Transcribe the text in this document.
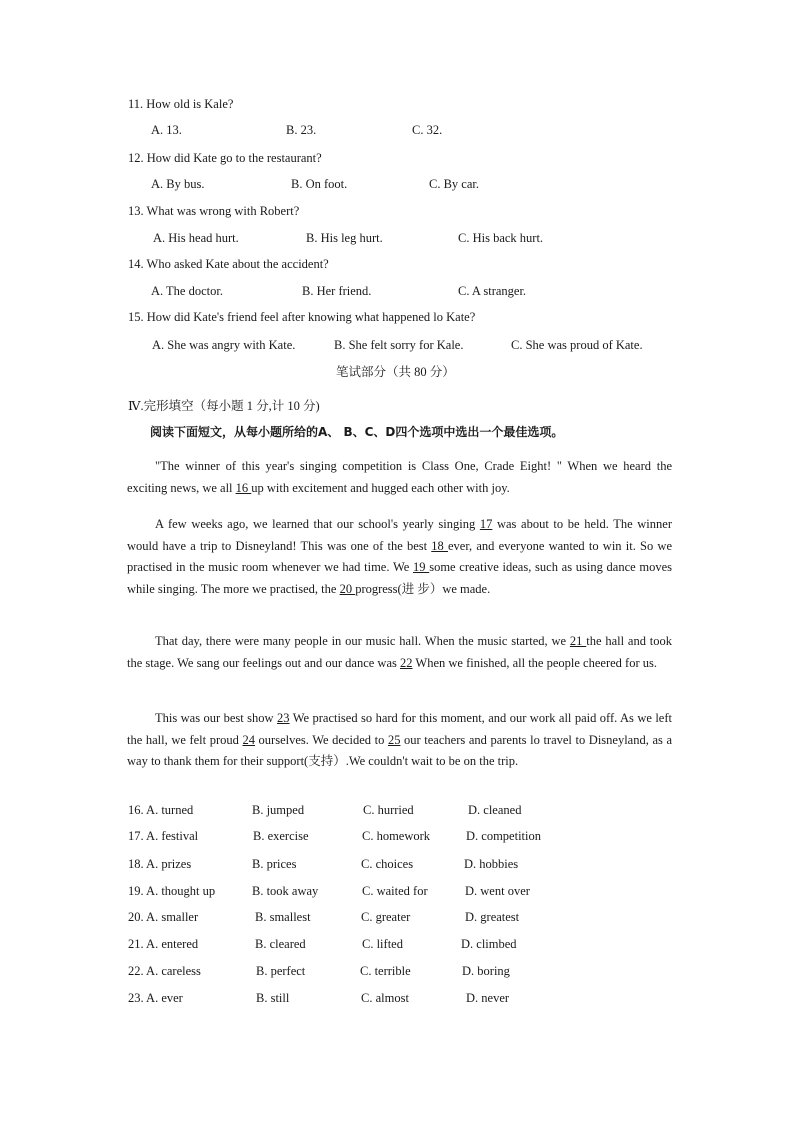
11. How old is Kale?
A. 13.	B. 23.	C. 32.
12. How did Kate go to the restaurant?
A. By bus.	B. On foot.	C. By car.
13. What was wrong with Robert?
A. His head hurt.	B. His leg hurt.	C. His back hurt.
14. Who asked Kate about the accident?
A. The doctor.	B. Her friend.	C. A stranger.
15. How did Kate's friend feel after knowing what happened lo Kate?
A. She was angry with Kate.	B. She felt sorry for Kale.	C. She was proud of Kate.
笔试部分（共 80 分）
Ⅳ.完形填空（每小题 1 分,计 10 分)
阅读下面短文，从每小题所给的A、 B、C、D四个选项中选出一个最佳选项。
"The winner of this year's singing competition is Class One, Crade Eight! " When we heard the exciting news, we all 16 up with excitement and hugged each other with joy.
A few weeks ago, we learned that our school's yearly singing 17 was about to be held. The winner would have a trip to Disneyland! This was one of the best 18 ever, and everyone wanted to win it. So we practised in the music room whenever we had time. We 19 some creative ideas, such as using dance moves while singing. The more we practised, the 20 progress(进 步）we made.
That day, there were many people in our music hall. When the music started, we 21 the hall and took the stage. We sang our feelings out and our dance was 22 When we finished, all the people cheered for us.
This was our best show 23 We practised so hard for this moment, and our work all paid off. As we left the hall, we felt proud 24 ourselves. We decided to 25 our teachers and parents lo travel to Disneyland, as a way to thank them for their support(支持）.We couldn't wait to be on the trip.
16. A. turned	B. jumped	C. hurried	D. cleaned
17. A. festival	B. exercise	C. homework	D. competition
18. A. prizes	B. prices	C. choices	D. hobbies
19. A. thought up	B. took away	C. waited for	D. went over
20. A. smaller	B. smallest	C. greater	D. greatest
21. A. entered	B. cleared	C. lifted	D. climbed
22. A. careless	B. perfect	C. terrible	D. boring
23. A. ever	B. still	C. almost	D. never
